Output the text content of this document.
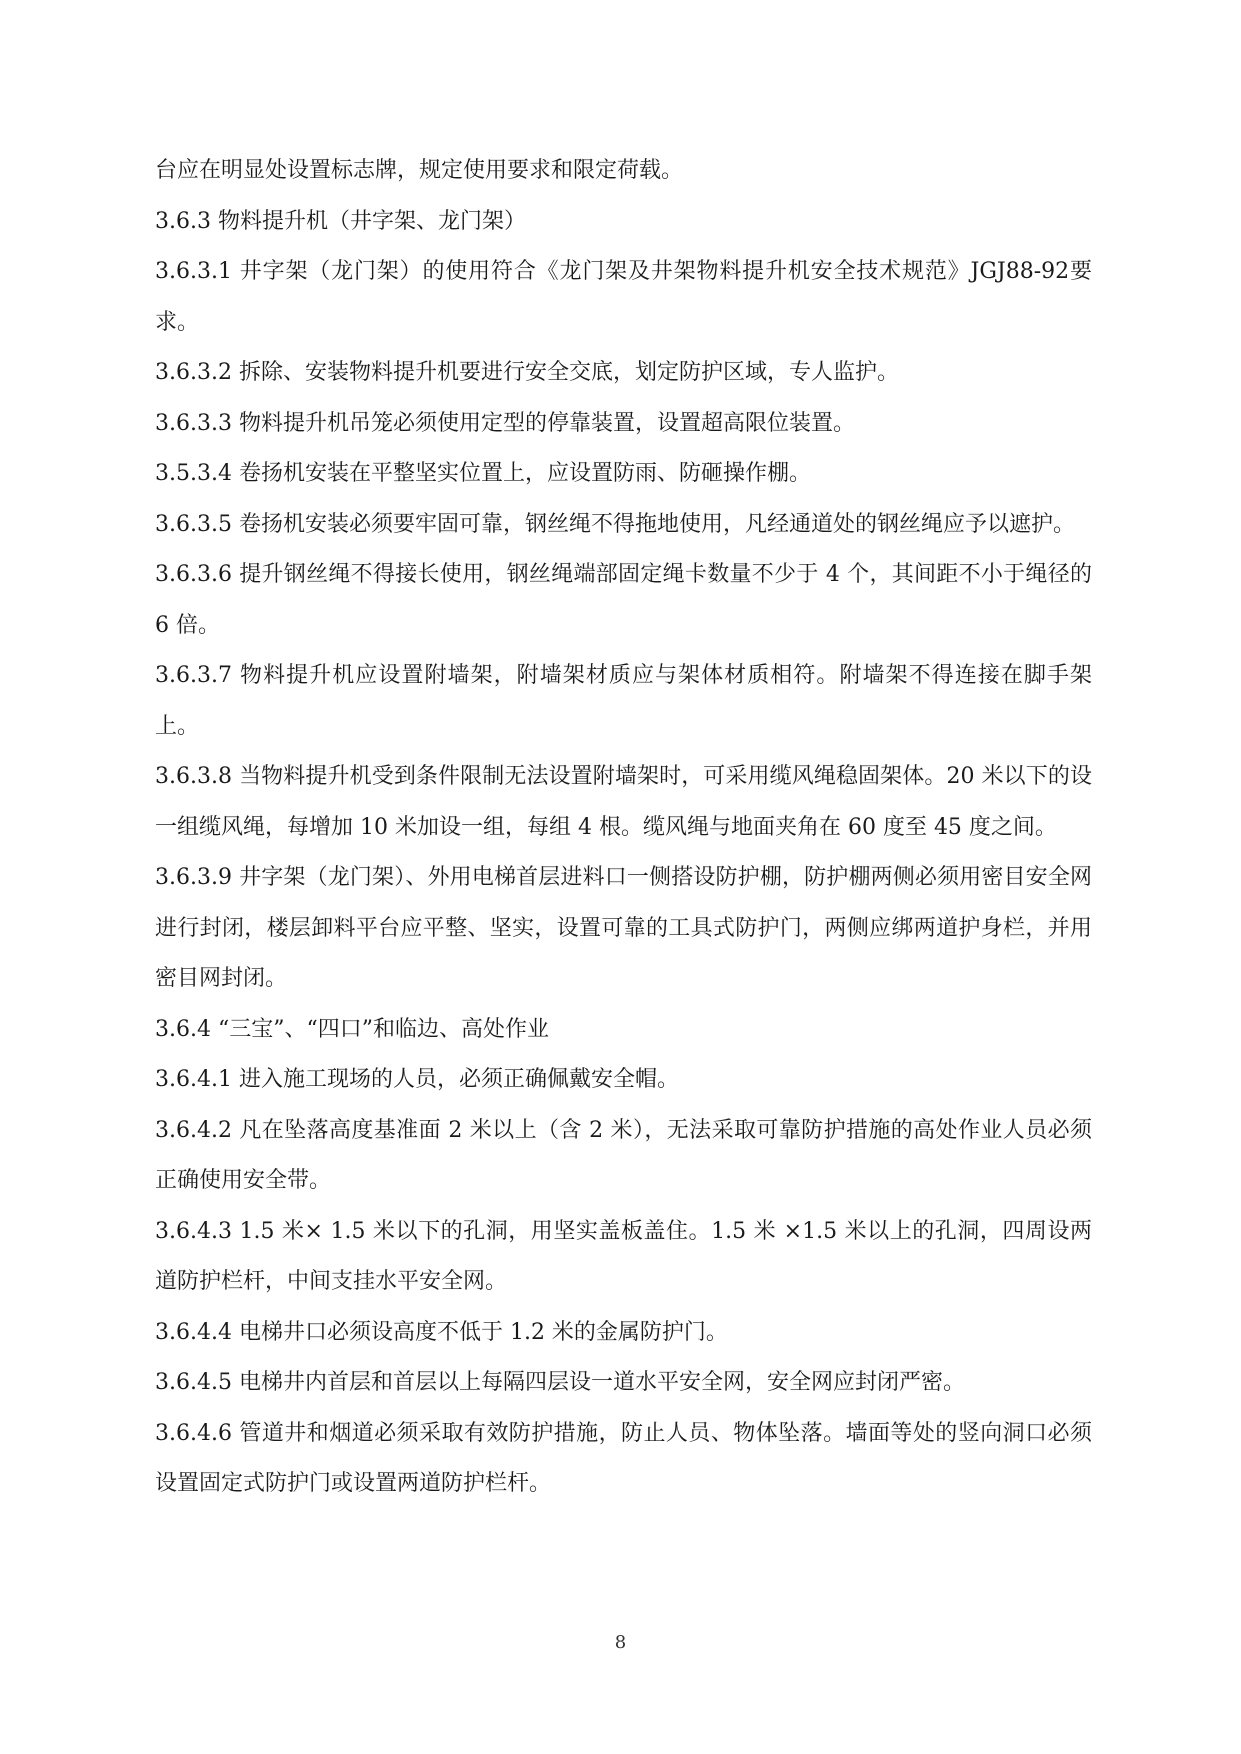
台应在明显处设置标志牌，规定使用要求和限定荷载。

3.6.3 物料提升机（井字架、龙门架）

3.6.3.1 井字架（龙门架）的使用符合《龙门架及井架物料提升机安全技术规范》JGJ88-92要求。

3.6.3.2 拆除、安装物料提升机要进行安全交底，划定防护区域，专人监护。

3.6.3.3 物料提升机吊笼必须使用定型的停靠装置，设置超高限位装置。

3.5.3.4 卷扬机安装在平整坚实位置上，应设置防雨、防砸操作棚。

3.6.3.5 卷扬机安装必须要牢固可靠，钢丝绳不得拖地使用，凡经通道处的钢丝绳应予以遮护。

3.6.3.6 提升钢丝绳不得接长使用，钢丝绳端部固定绳卡数量不少于 4 个，其间距不小于绳径的 6 倍。

3.6.3.7 物料提升机应设置附墙架，附墙架材质应与架体材质相符。附墙架不得连接在脚手架上。

3.6.3.8 当物料提升机受到条件限制无法设置附墙架时，可采用缆风绳稳固架体。20 米以下的设一组缆风绳，每增加 10 米加设一组，每组 4 根。缆风绳与地面夹角在 60 度至 45 度之间。

3.6.3.9 井字架（龙门架）、外用电梯首层进料口一侧搭设防护棚，防护棚两侧必须用密目安全网进行封闭，楼层卸料平台应平整、坚实，设置可靠的工具式防护门，两侧应绑两道护身栏，并用密目网封闭。

3.6.4 “三宝”、“四口”和临边、高处作业

3.6.4.1 进入施工现场的人员，必须正确佩戴安全帽。

3.6.4.2 凡在坠落高度基准面 2 米以上（含 2 米），无法采取可靠防护措施的高处作业人员必须正确使用安全带。

3.6.4.3 1.5 米× 1.5 米以下的孔洞，用坚实盖板盖住。1.5 米 ×1.5 米以上的孔洞，四周设两道防护栏杆，中间支挂水平安全网。

3.6.4.4 电梯井口必须设高度不低于 1.2 米的金属防护门。

3.6.4.5 电梯井内首层和首层以上每隔四层设一道水平安全网，安全网应封闭严密。

3.6.4.6 管道井和烟道必须采取有效防护措施，防止人员、物体坠落。墙面等处的竖向洞口必须设置固定式防护门或设置两道防护栏杆。

8
